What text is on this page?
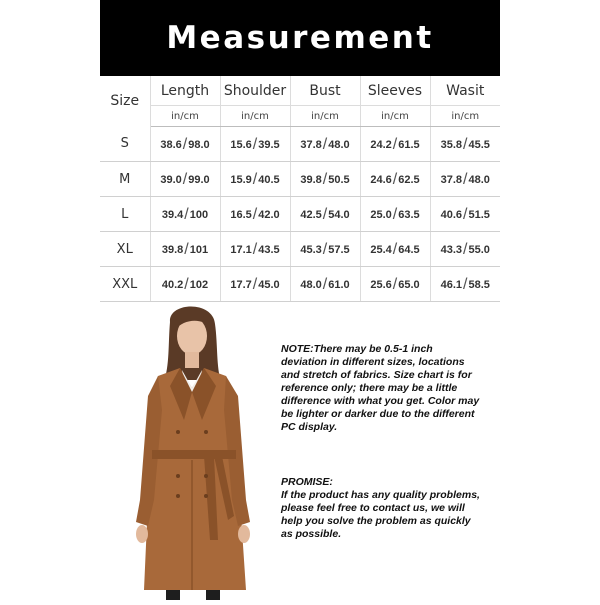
Measurement
Size	Length	Shoulder	Bust	Sleeves	Wasit
	in/cm	in/cm	in/cm	in/cm	in/cm
S	38.6/98.0	15.6/39.5	37.8/48.0	24.2/61.5	35.8/45.5
M	39.0/99.0	15.9/40.5	39.8/50.5	24.6/62.5	37.8/48.0
L	39.4/100	16.5/42.0	42.5/54.0	25.0/63.5	40.6/51.5
XL	39.8/101	17.1/43.5	45.3/57.5	25.4/64.5	43.3/55.0
XXL	40.2/102	17.7/45.0	48.0/61.0	25.6/65.0	46.1/58.5
NOTE:There may be 0.5-1 inch deviation in different sizes, locations and stretch of fabrics. Size chart is for reference only; there may be a little difference with what you get. Color may be lighter or darker due to the different PC display.
PROMISE:
If the product has any quality problems, please feel free to contact us, we will help you solve the problem as quickly as possible.
